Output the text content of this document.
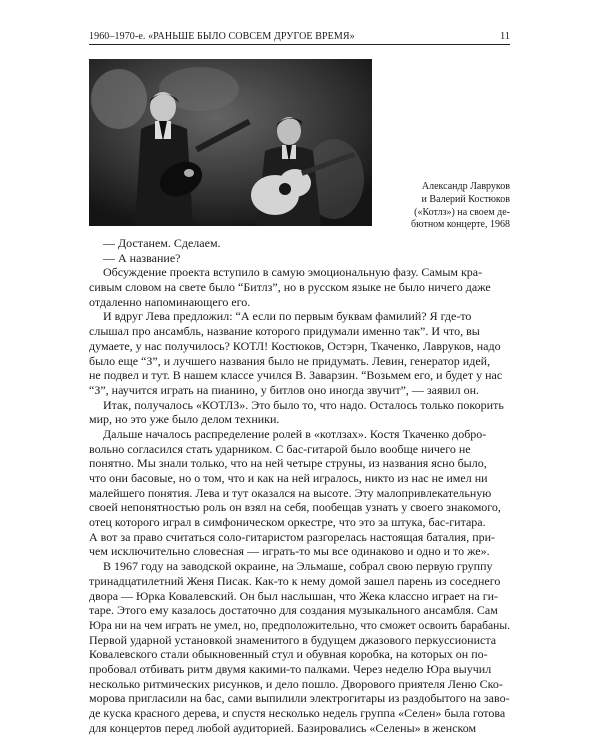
1960–1970-е. «РАНЬШЕ БЫЛО СОВСЕМ ДРУГОЕ ВРЕМЯ»	11
Александр Лавруков
и Валерий Костюков
(«Котлз») на своем де-
бютном концерте, 1968
— Достанем. Сделаем.
— А название?
Обсуждение проекта вступило в самую эмоциональную фазу. Самым кра-
сивым словом на свете было “Битлз”, но в русском языке не было ничего даже
отдаленно напоминающего его.
И вдруг Лева предложил: “А если по первым буквам фамилий? Я где-то
слышал про ансамбль, название которого придумали именно так”. И что, вы
думаете, у нас получилось? КОТЛ! Костюков, Остэрн, Ткаченко, Лавруков, надо
было еще “З”, и лучшего названия было не придумать. Левин, генератор идей,
не подвел и тут. В нашем классе учился В. Заварзин. “Возьмем его, и будет у нас
“З”, научится играть на пианино, у битлов оно иногда звучит”, — заявил он.
Итак, получалось «КОТЛЗ». Это было то, что надо. Осталось только покорить
мир, но это уже было делом техники.
Дальше началось распределение ролей в «котлзах». Костя Ткаченко добро-
вольно согласился стать ударником. С бас-гитарой было вообще ничего не
понятно. Мы знали только, что на ней четыре струны, из названия ясно было,
что они басовые, но о том, что и как на ней игралось, никто из нас не имел ни
малейшего понятия. Лева и тут оказался на высоте. Эту малопривлекательную
своей непонятностью роль он взял на себя, пообещав узнать у своего знакомого,
отец которого играл в симфоническом оркестре, что это за штука, бас-гитара.
А вот за право считаться соло-гитаристом разгорелась настоящая баталия, при-
чем исключительно словесная — играть-то мы все одинаково и одно и то же».
В 1967 году на заводской окраине, на Эльмаше, собрал свою первую группу
тринадцатилетний Женя Писак. Как-то к нему домой зашел парень из соседнего
двора — Юрка Ковалевский. Он был наслышан, что Жека классно играет на ги-
таре. Этого ему казалось достаточно для создания музыкального ансамбля. Сам
Юра ни на чем играть не умел, но, предположительно, что сможет освоить барабаны.
Первой ударной установкой знаменитого в будущем джазового перкуссиониста
Ковалевского стали обыкновенный стул и обувная коробка, на которых он по-
пробовал отбивать ритм двумя какими-то палками. Через неделю Юра выучил
несколько ритмических рисунков, и дело пошло. Дворового приятеля Леню Ско-
морова пригласили на бас, сами выпилили электрогитары из раздобытого на заво-
де куска красного дерева, и спустя несколько недель группа «Селен» была готова
для концертов перед любой аудиторией. Базировались «Селены» в женском
